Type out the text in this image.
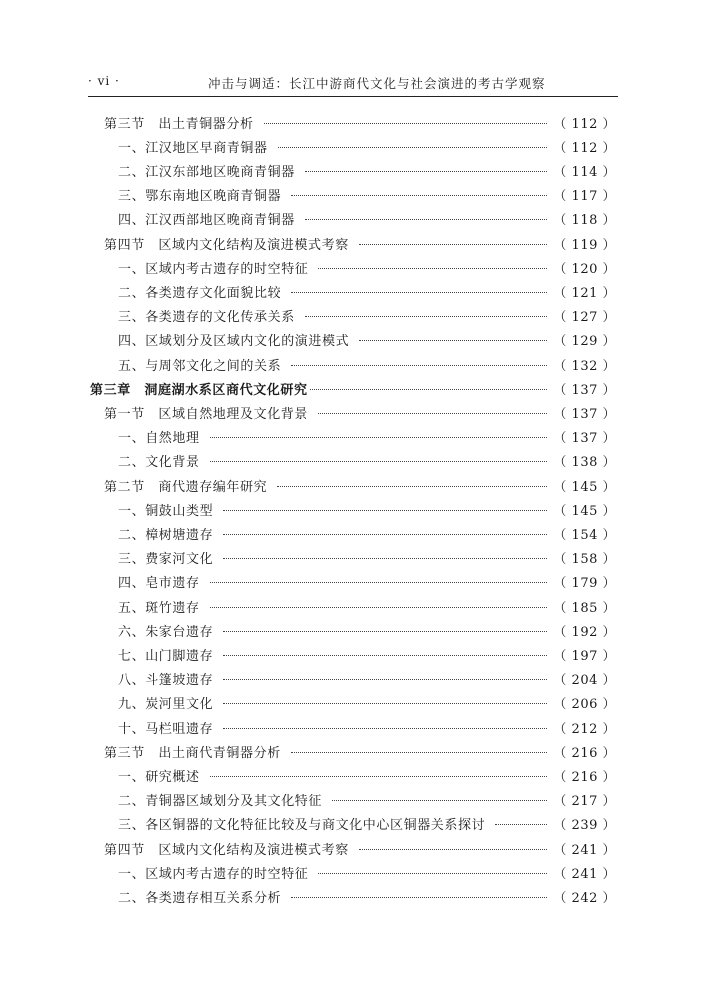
· vi ·	冲击与调适：长江中游商代文化与社会演进的考古学观察
第三节　出土青铜器分析	（ 112 ）
一、江汉地区早商青铜器	（ 112 ）
二、江汉东部地区晚商青铜器	（ 114 ）
三、鄂东南地区晚商青铜器	（ 117 ）
四、江汉西部地区晚商青铜器	（ 118 ）
第四节　区域内文化结构及演进模式考察	（ 119 ）
一、区域内考古遗存的时空特征	（ 120 ）
二、各类遗存文化面貌比较	（ 121 ）
三、各类遗存的文化传承关系	（ 127 ）
四、区域划分及区域内文化的演进模式	（ 129 ）
五、与周邻文化之间的关系	（ 132 ）
第三章　洞庭湖水系区商代文化研究	（ 137 ）
第一节　区域自然地理及文化背景	（ 137 ）
一、自然地理	（ 137 ）
二、文化背景	（ 138 ）
第二节　商代遗存编年研究	（ 145 ）
一、铜鼓山类型	（ 145 ）
二、樟树塘遗存	（ 154 ）
三、费家河文化	（ 158 ）
四、皂市遗存	（ 179 ）
五、斑竹遗存	（ 185 ）
六、朱家台遗存	（ 192 ）
七、山门脚遗存	（ 197 ）
八、斗篷坡遗存	（ 204 ）
九、炭河里文化	（ 206 ）
十、马栏咀遗存	（ 212 ）
第三节　出土商代青铜器分析	（ 216 ）
一、研究概述	（ 216 ）
二、青铜器区域划分及其文化特征	（ 217 ）
三、各区铜器的文化特征比较及与商文化中心区铜器关系探讨	（ 239 ）
第四节　区域内文化结构及演进模式考察	（ 241 ）
一、区域内考古遗存的时空特征	（ 241 ）
二、各类遗存相互关系分析	（ 242 ）
